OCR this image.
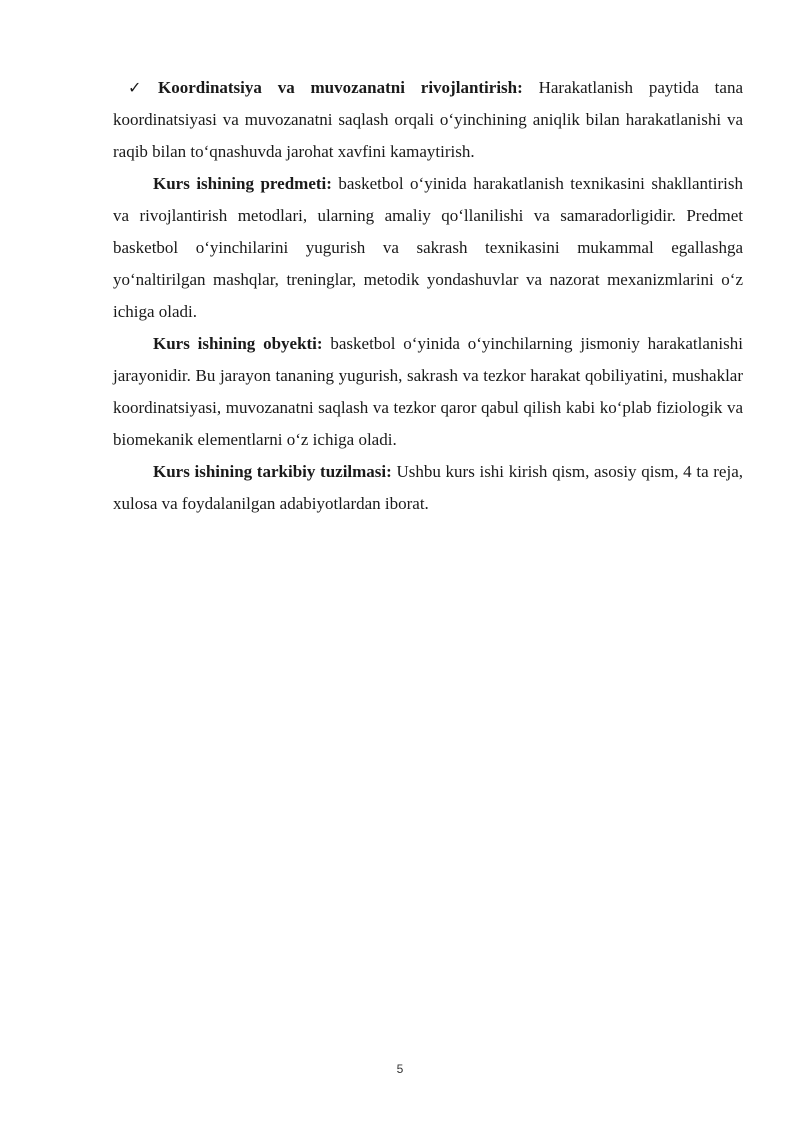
✓ Koordinatsiya va muvozanatni rivojlantirish: Harakatlanish paytida tana koordinatsiyasi va muvozanatni saqlash orqali o‘yinchining aniqlik bilan harakatlanishi va raqib bilan to‘qnashuvda jarohat xavfini kamaytirish.

Kurs ishining predmeti: basketbol o‘yinida harakatlanish texnikasini shakllantirish va rivojlantirish metodlari, ularning amaliy qo‘llanilishi va samaradorligidir. Predmet basketbol o‘yinchilarini yugurish va sakrash texnikasini mukammal egallashga yo‘naltirilgan mashqlar, treninglar, metodik yondashuvlar va nazorat mexanizmlarini o‘z ichiga oladi.

Kurs ishining obyekti: basketbol o‘yinida o‘yinchilarning jismoniy harakatlanishi jarayonidir. Bu jarayon tananing yugurish, sakrash va tezkor harakat qobiliyatini, mushaklar koordinatsiyasi, muvozanatni saqlash va tezkor qaror qabul qilish kabi ko‘plab fiziologik va biomekanik elementlarni o‘z ichiga oladi.

Kurs ishining tarkibiy tuzilmasi: Ushbu kurs ishi kirish qism, asosiy qism, 4 ta reja, xulosa va foydalanilgan adabiyotlardan iborat.

5
